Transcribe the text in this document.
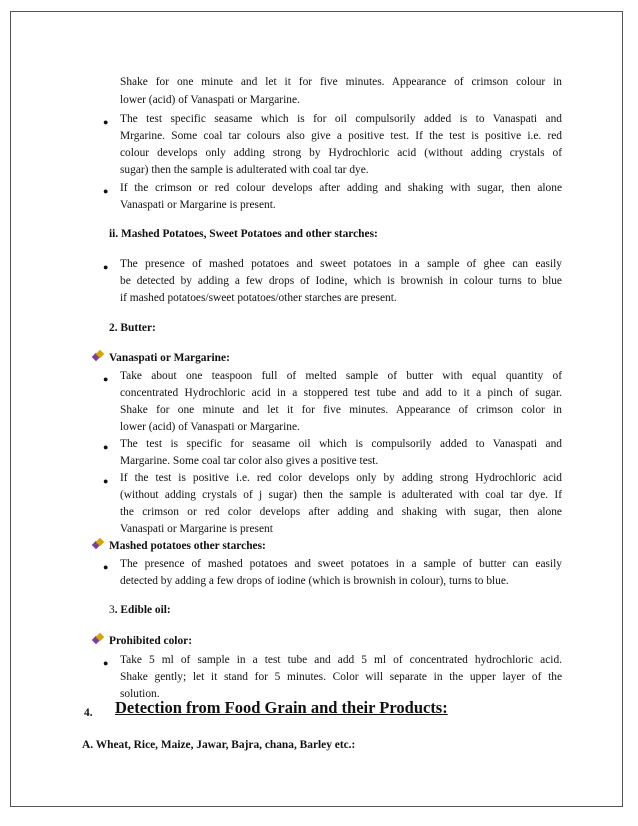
Shake for one minute and let it for five minutes. Appearance of crimson colour in
lower (acid) of Vanaspati or Margarine.
● The test specific seasame which is for oil compulsorily added is to Vanaspati and
Mrgarine. Some coal tar colours also give a positive test. If the test is positive i.e. red
colour develops only adding strong by Hydrochloric acid (without adding crystals of
sugar) then the sample is adulterated with coal tar dye.
● If the crimson or red colour develops after adding and shaking with sugar, then alone
Vanaspati or Margarine is present.
ii. Mashed Potatoes, Sweet Potatoes and other starches:
● The presence of mashed potatoes and sweet potatoes in a sample of ghee can easily
be detected by adding a few drops of Iodine, which is brownish in colour turns to blue
if mashed potatoes/sweet potatoes/other starches are present.
2. Butter:
Vanaspati or Margarine:
● Take about one teaspoon full of melted sample of butter with equal quantity of
concentrated Hydrochloric acid in a stoppered test tube and add to it a pinch of sugar.
Shake for one minute and let it for five minutes. Appearance of crimson color in
lower (acid) of Vanaspati or Margarine.
● The test is specific for seasame oil which is compulsorily added to Vanaspati and
Margarine. Some coal tar color also gives a positive test.
● If the test is positive i.e. red color develops only by adding strong Hydrochloric acid
(without adding crystals of j sugar) then the sample is adulterated with coal tar dye. If
the crimson or red color develops after adding and shaking with sugar, then alone
Vanaspati or Margarine is present
Mashed potatoes other starches:
● The presence of mashed potatoes and sweet potatoes in a sample of butter can easily
detected by adding a few drops of iodine (which is brownish in colour), turns to blue.
3. Edible oil:
Prohibited color:
● Take 5 ml of sample in a test tube and add 5 ml of concentrated hydrochloric acid.
Shake gently; let it stand for 5 minutes. Color will separate in the upper layer of the
solution.
4. Detection from Food Grain and their Products:
A. Wheat, Rice, Maize, Jawar, Bajra, chana, Barley etc.:
